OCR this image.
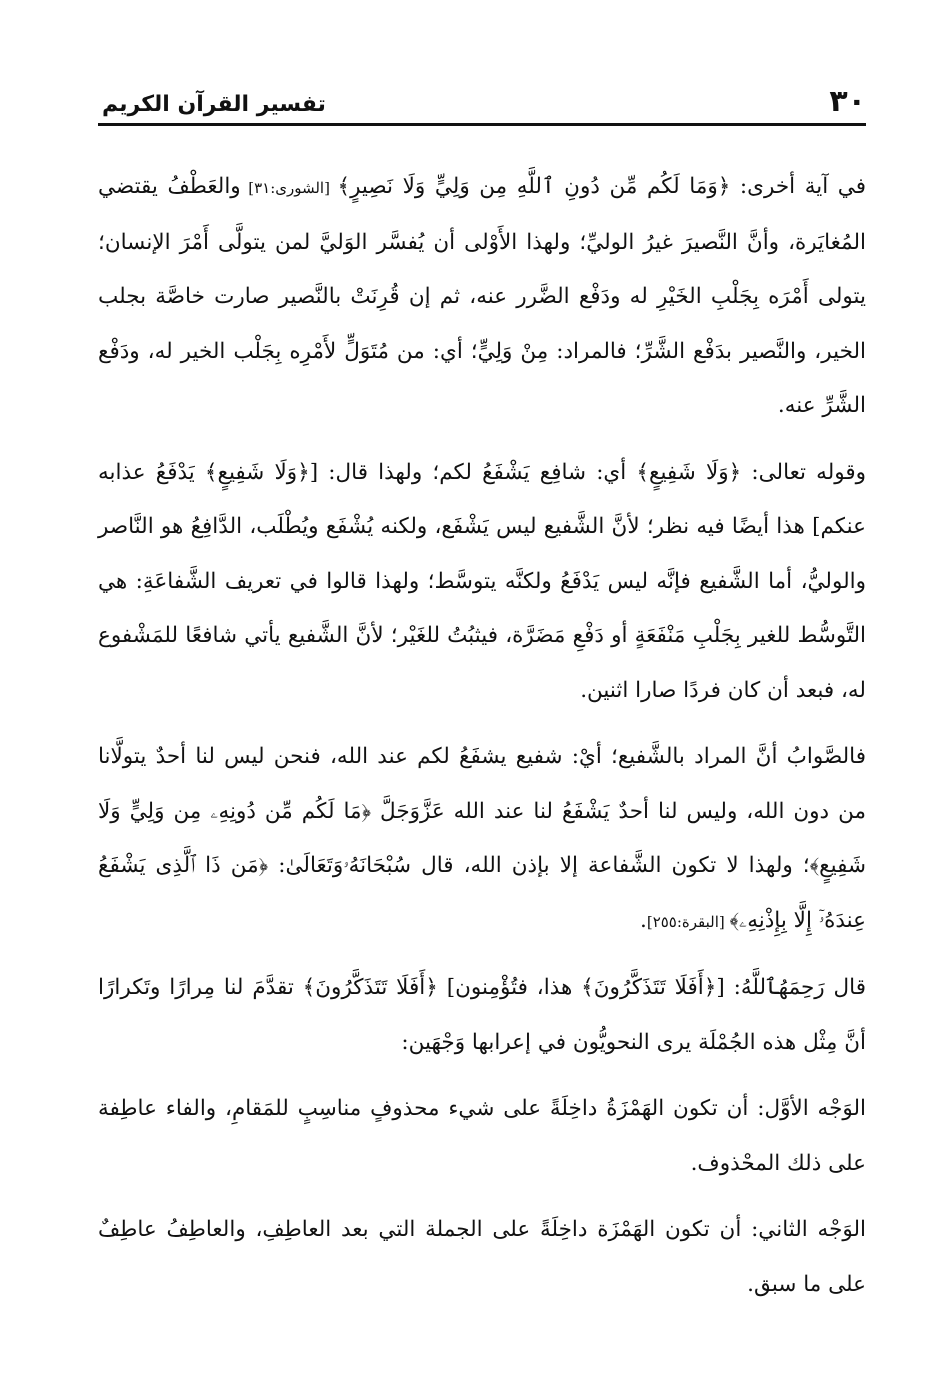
٣٠
تفسير القرآن الكريم

في آية أخرى: ﴿وَمَا لَكُم مِّن دُونِ ٱللَّهِ مِن وَلِيٍّ وَلَا نَصِيرٍ﴾ [الشورى:٣١] والعَطْفُ يقتضي المُغايَرة، وأنَّ النَّصيرَ غيرُ الوليِّ؛ ولهذا الأَوْلى أن يُفسَّر الوَليَّ لمن يتولَّى أَمْرَ الإنسان؛ يتولى أَمْرَه بِجَلْبِ الخَيْرِ له ودَفْع الضَّرر عنه، ثم إن قُرِنَتْ بالنَّصير صارت خاصَّة بجلب الخير، والنَّصير بدَفْع الشَّرِّ؛ فالمراد: مِنْ وَلِيٍّ؛ أي: من مُتَوَلٍّ لأَمْرِه بِجَلْب الخير له، ودَفْع الشَّرِّ عنه.

وقوله تعالى: ﴿وَلَا شَفِيعٍ﴾ أي: شافِع يَشْفَعُ لكم؛ ولهذا قال: [﴿وَلَا شَفِيعٍ﴾ يَدْفَعُ عذابه عنكم] هذا أيضًا فيه نظر؛ لأنَّ الشَّفيع ليس يَشْفَع، ولكنه يُشْفَع ويُطْلَب، الدَّافِعُ هو النَّاصر والوليُّ، أما الشَّفيع فإنَّه ليس يَدْفَعُ ولكنَّه يتوسَّط؛ ولهذا قالوا في تعريف الشَّفاعَةِ: هي التَّوسُّط للغير بِجَلْبِ مَنْفَعَةٍ أو دَفْعِ مَضَرَّة، فيثبُتُ للغَيْر؛ لأنَّ الشَّفيع يأتي شافعًا للمَشْفوع له، فبعد أن كان فردًا صارا اثنين.

فالصَّوابُ أنَّ المراد بالشَّفيع؛ أيْ: شفيع يشفَعُ لكم عند الله، فنحن ليس لنا أحدٌ يتولَّانا من دون الله، وليس لنا أحدٌ يَشْفَعُ لنا عند الله عَزَّوَجَلَّ ﴿مَا لَكُم مِّن دُونِهِۦ مِن وَلِيٍّ وَلَا شَفِيعٍ﴾؛ ولهذا لا تكون الشَّفاعة إلا بإذن الله، قال سُبْحَانَهُۥوَتَعَالَىٰ: ﴿مَن ذَا ٱلَّذِى يَشْفَعُ عِندَهُۥٓ إِلَّا بِإِذْنِهِۦ﴾ [البقرة:٢٥٥].

قال رَحِمَهُٱللَّهُ: [﴿أَفَلَا تَتَذَكَّرُونَ﴾ هذا، فتُؤْمِنون] ﴿أَفَلَا تَتَذَكَّرُونَ﴾ تقدَّمَ لنا مِرارًا وتَكرارًا أنَّ مِثْل هذه الجُمْلَة يرى النحويُّون في إعرابها وَجْهَين:

الوَجْه الأوَّل: أن تكون الهَمْزَةُ داخِلَةً على شيء محذوفٍ مناسِبٍ للمَقامِ، والفاء عاطِفة على ذلك المحْذوف.

الوَجْه الثاني: أن تكون الهَمْزَة داخِلَةً على الجملة التي بعد العاطِفِ، والعاطِفُ عاطِفٌ على ما سبق.
